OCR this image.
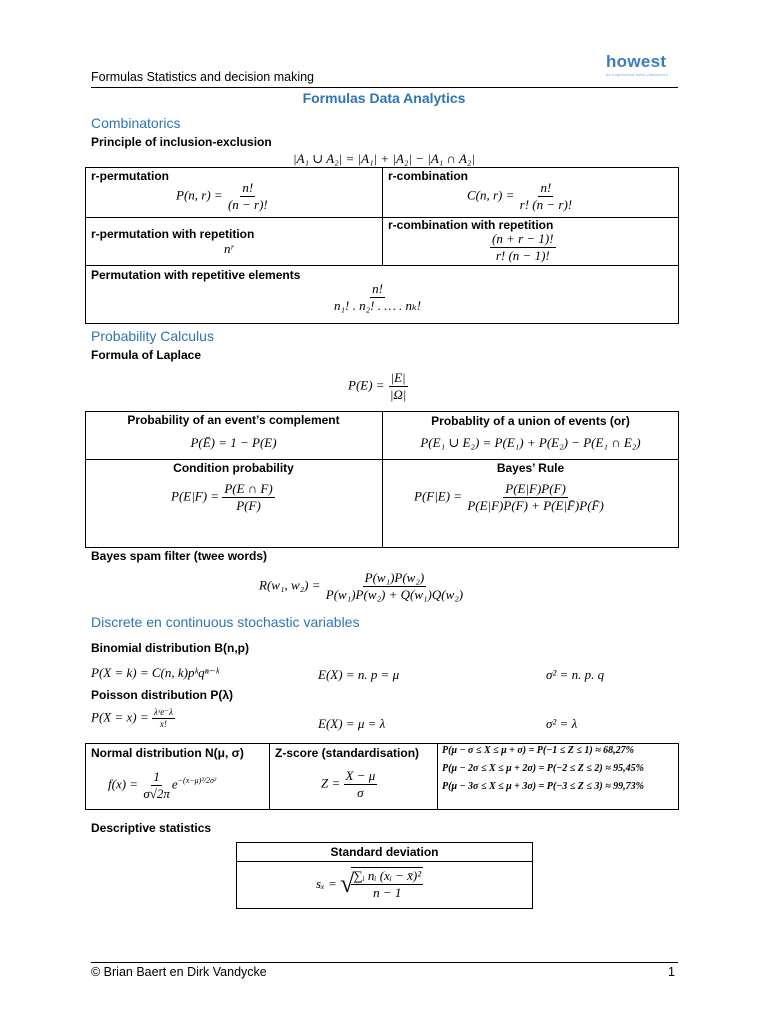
Formulas Statistics and decision making
howest
de hogeschool west-vlaanderen
Formulas Data Analytics
Combinatorics
Principle of inclusion-exclusion
|A₁ ∪ A₂| = |A₁| + |A₂| − |A₁ ∩ A₂|
r-permutation
P(n, $r) = \frac{n!}{(n - r)!}$
r-combination
C(n, $r) = \frac{n!}{r! (n - r)!}$
r-permutation with repetition
nʳ
r-combination with repetition
$\frac{(n + r - 1)!}{r! (n - 1)!}$
Permutation with repetitive elements
$\frac{n!}{\text{n₁! . n₂! . … . nₖ!}}$
Probability Calculus
Formula of Laplace
$P(E) = \frac{|E|}{|\Omega|}$
Probability of an event’s complement
P(Ē) = 1 − P(E)
Probablity of a union of events (or)
P(E₁ ∪ E₂) = P(E₁) + P(E₂) − P(E₁ ∩ E₂)
Condition probability
$P(E|F) = \frac{P(E \cap F)}{P(F)}$
Bayes’ Rule
$P(F|E) = \frac{P(E|F)P(F)}{P(E|F)P(F) + P(E|F̄)P(F̄)}$
Bayes spam filter (twee words)
R(w₁, $w_2) = \frac{\text{P(w₁)P(w₂)}}{\text{P(w₁)P(w₂) + Q(w₁)Q(w₂)}}$
Discrete en continuous stochastic variables
Binomial distribution B(n,p)
P(X = k) = C(n, k)pᵏqⁿ⁻ᵏ	E(X) = n. p = μ	σ² = n. p. q
Poisson distribution P(λ)
$P(X = x) = \frac{\text{λˣe⁻λ}}{x!}$	E(X) = μ = λ	σ² = λ
Normal distribution N(μ, σ)
$f(x) = \frac{1}{\sigma√2\pi} e^{-(x-\mu)^2/2\sigma^2}$
Z-score (standardisation)
$Z = \frac{X - \mu}{\sigma}$
P(μ − σ ≤ X ≤ μ + σ) = P(−1 ≤ Z ≤ 1) ≈ 68,27%
P(μ − 2σ ≤ X ≤ μ + 2σ) = P(−2 ≤ Z ≤ 2) ≈ 95,45%
P(μ − 3σ ≤ X ≤ μ + 3σ) = P(−3 ≤ Z ≤ 3) ≈ 99,73%
Descriptive statistics
Standard deviation
sₓ = √
$\frac{\text{∑ᵢ nᵢ (xᵢ − x̄)²}}{n - 1}$
© Brian Baert en Dirk Vandycke	1
